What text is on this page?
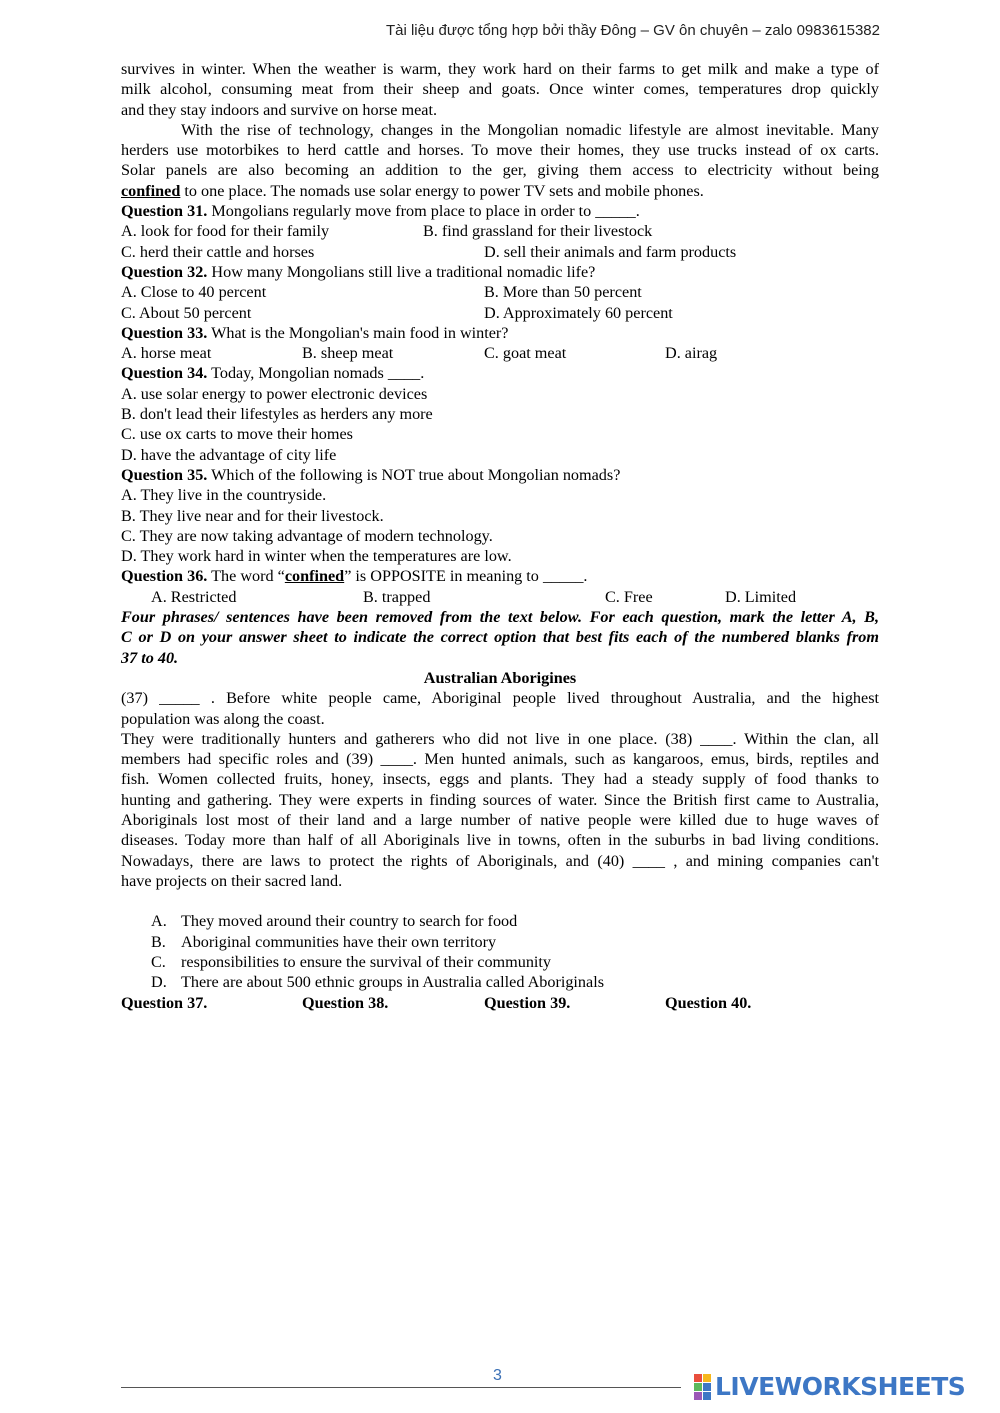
Tài liệu được tổng hợp bởi thầy Đông – GV ôn chuyên – zalo 0983615382
survives in winter. When the weather is warm, they work hard on their farms to get milk and make a type of
milk alcohol, consuming meat from their sheep and goats. Once winter comes, temperatures drop quickly
and they stay indoors and survive on horse meat.
With the rise of technology, changes in the Mongolian nomadic lifestyle are almost inevitable. Many
herders use motorbikes to herd cattle and horses. To move their homes, they use trucks instead of ox carts.
Solar panels are also becoming an addition to the ger, giving them access to electricity without being
confined to one place. The nomads use solar energy to power TV sets and mobile phones.
Question 31. Mongolians regularly move from place to place in order to _____.
A. look for food for their family	B. find grassland for their livestock
C. herd their cattle and horses	D. sell their animals and farm products
Question 32. How many Mongolians still live a traditional nomadic life?
A. Close to 40 percent	B. More than 50 percent
C. About 50 percent	D. Approximately 60 percent
Question 33. What is the Mongolian's main food in winter?
A. horse meat	B. sheep meat	C. goat meat	D. airag
Question 34. Today, Mongolian nomads ____.
A. use solar energy to power electronic devices
B. don't lead their lifestyles as herders any more
C. use ox carts to move their homes
D. have the advantage of city life
Question 35. Which of the following is NOT true about Mongolian nomads?
A. They live in the countryside.
B. They live near and for their livestock.
C. They are now taking advantage of modern technology.
D. They work hard in winter when the temperatures are low.
Question 36. The word “confined” is OPPOSITE in meaning to _____.
A. Restricted	B. trapped	C. Free	D. Limited
Four phrases/ sentences have been removed from the text below. For each question, mark the letter A, B,
C or D on your answer sheet to indicate the correct option that best fits each of the numbered blanks from
37 to 40.
Australian Aborigines
(37) _____ . Before white people came, Aboriginal people lived throughout Australia, and the highest
population was along the coast.
They were traditionally hunters and gatherers who did not live in one place. (38) ____. Within the clan, all
members had specific roles and (39) ____. Men hunted animals, such as kangaroos, emus, birds, reptiles and
fish. Women collected fruits, honey, insects, eggs and plants. They had a steady supply of food thanks to
hunting and gathering. They were experts in finding sources of water. Since the British first came to Australia,
Aboriginals lost most of their land and a large number of native people were killed due to huge waves of
diseases. Today more than half of all Aboriginals live in towns, often in the suburbs in bad living conditions.
Nowadays, there are laws to protect the rights of Aboriginals, and (40) ____ , and mining companies can't
have projects on their sacred land.
A. They moved around their country to search for food
B. Aboriginal communities have their own territory
C. responsibilities to ensure the survival of their community
D. There are about 500 ethnic groups in Australia called Aboriginals
Question 37.	Question 38.	Question 39.	Question 40.
3	LIVEWORKSHEETS
